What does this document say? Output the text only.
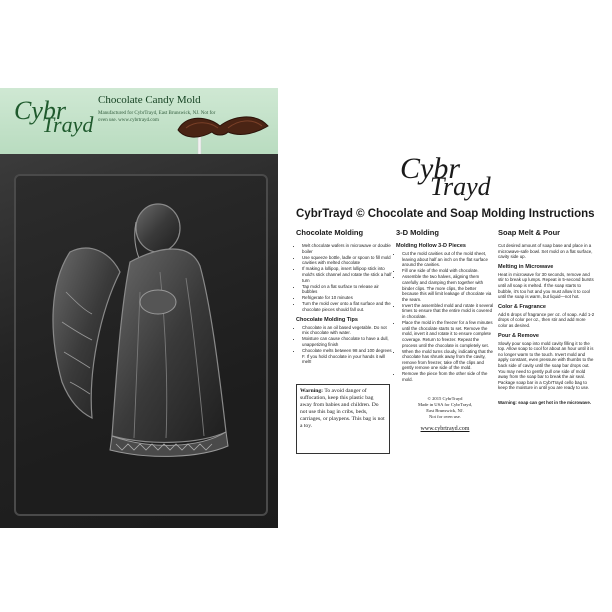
Cybr
Trayd
Chocolate Candy Mold
Manufactured for CybrTrayd, East Brunswick, NJ. Not for oven use. www.cybrtrayd.com
Cybr
Trayd
CybrTrayd © Chocolate and Soap Molding Instructions
Chocolate Molding
• Melt chocolate wafers in microwave or double boiler
• Use squeeze bottle, ladle or spoon to fill mold cavities with melted chocolate
• If making a lollipop, insert lollipop stick into mold's stick channel and rotate the stick a half turn
• Tap mold on a flat surface to release air bubbles
• Refrigerate for 10 minutes
• Turn the mold over onto a flat surface and the chocolate pieces should fall out.
Chocolate Molding Tips
• Chocolate is an oil based vegetable. Do not mix chocolate with water.
• Moisture can cause chocolate to have a dull, unappetizing finish
• Chocolate melts between 98 and 100 degrees F. If you hold chocolate in your hands it will melt!
Warning: To avoid danger of suffocation, keep this plastic bag away from babies and children. Do not use this bag in cribs, beds, carriages, or playpens. This bag is not a toy.
3-D Molding
Molding Hollow 3-D Pieces
• Cut the mold cavities out of the mold sheet, leaving about half an inch on the flat surface around the cavities.
• Fill one side of the mold with chocolate.
• Assemble the two halves, aligning them carefully and clamping them together with binder clips. The more clips, the better because this will limit leakage of chocolate via the seam.
• Invert the assembled mold and rotate it several times to ensure that the entire mold is covered in chocolate.
• Place the mold in the freezer for a few minutes until the chocolate starts to set. Remove the mold, invert it and rotate it to ensure complete coverage. Return to freezer. Repeat the process until the chocolate is completely set.
• When the mold turns cloudy, indicating that the chocolate has shrunk away from the cavity, remove from freezer, take off the clips and gently remove one side of the mold.
• Remove the piece from the other side of the mold.
© 2015 CybrTrayd
Made in USA for CybrTrayd,
East Brunswick, NJ.
Not for oven use.
www.cybrtrayd.com
Soap Melt & Pour

Cut desired amount of soap base and place in a microwave-safe bowl. Set mold on a flat surface, cavity side up.

Melting in Microwave

Heat in microwave for 30 seconds, remove and stir to break up lumps. Repeat in 5-second bursts until all soap is melted. If the soap starts to bubble, it's too hot and you must allow it to cool until the soap is warm, but liquid—not hot.

Color & Fragrance

Add 6 drops of fragrance per oz. of soap. Add 1-2 drops of color per oz., then stir and add more color as desired.

Pour & Remove

Slowly pour soap into mold cavity filling it to the top. Allow soap to cool for about an hour until it is no longer warm to the touch. Invert mold and apply constant, even pressure with thumbs to the back side of cavity until the soap bar drops out. You may need to gently pull one side of mold away from the soap bar to break the air seal. Package soap bar in a CybrTrayd cello bag to keep the moisture in until you are ready to use.

Warning: soap can get hot in the microwave.
